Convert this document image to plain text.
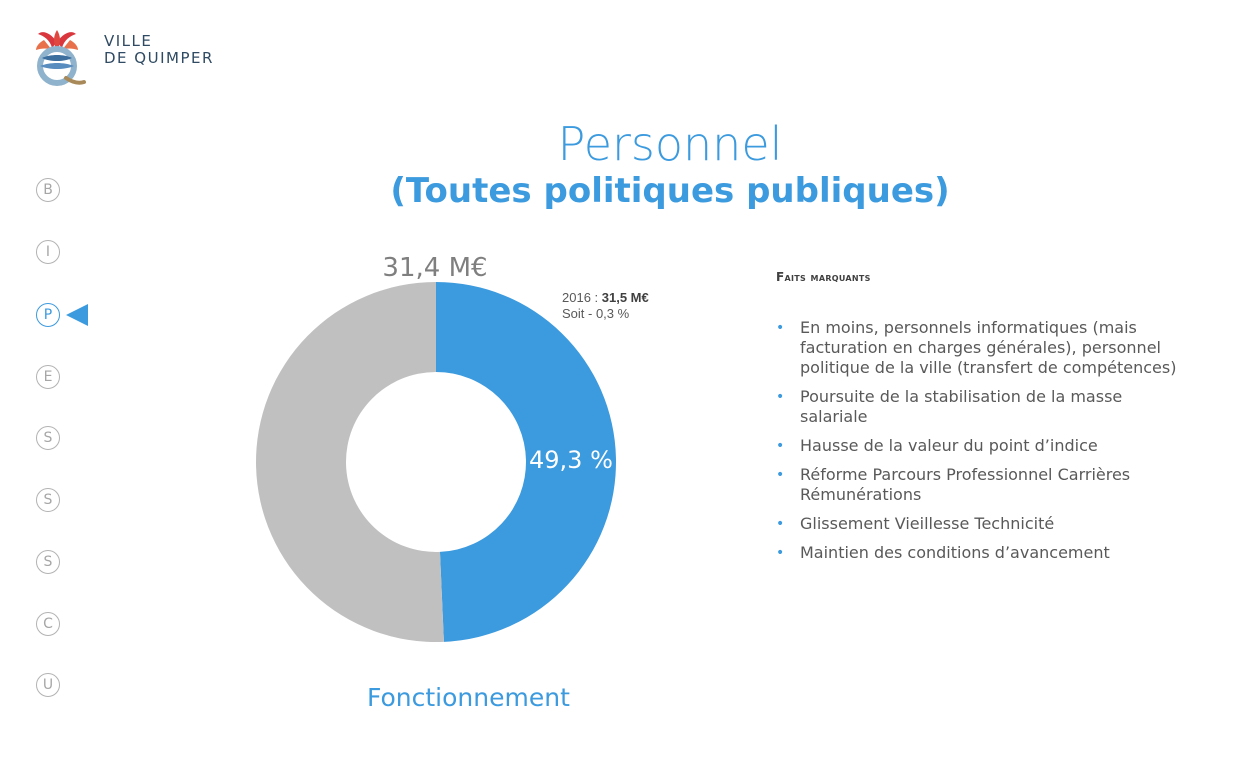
VILLE
DE QUIMPER
Personnel
(Toutes politiques publiques)
B
I
P
E
S
S
S
C
U
31,4 M€
2016 : 31,5 M€
Soit - 0,3 %
49,3 %
Fonctionnement
Faits marquants
• En moins, personnels informatiques (mais facturation en charges générales), personnel politique de la ville (transfert de compétences)
• Poursuite de la stabilisation de la masse salariale
• Hausse de la valeur du point d’indice
• Réforme Parcours Professionnel Carrières Rémunérations
• Glissement Vieillesse Technicité
• Maintien des conditions d’avancement
